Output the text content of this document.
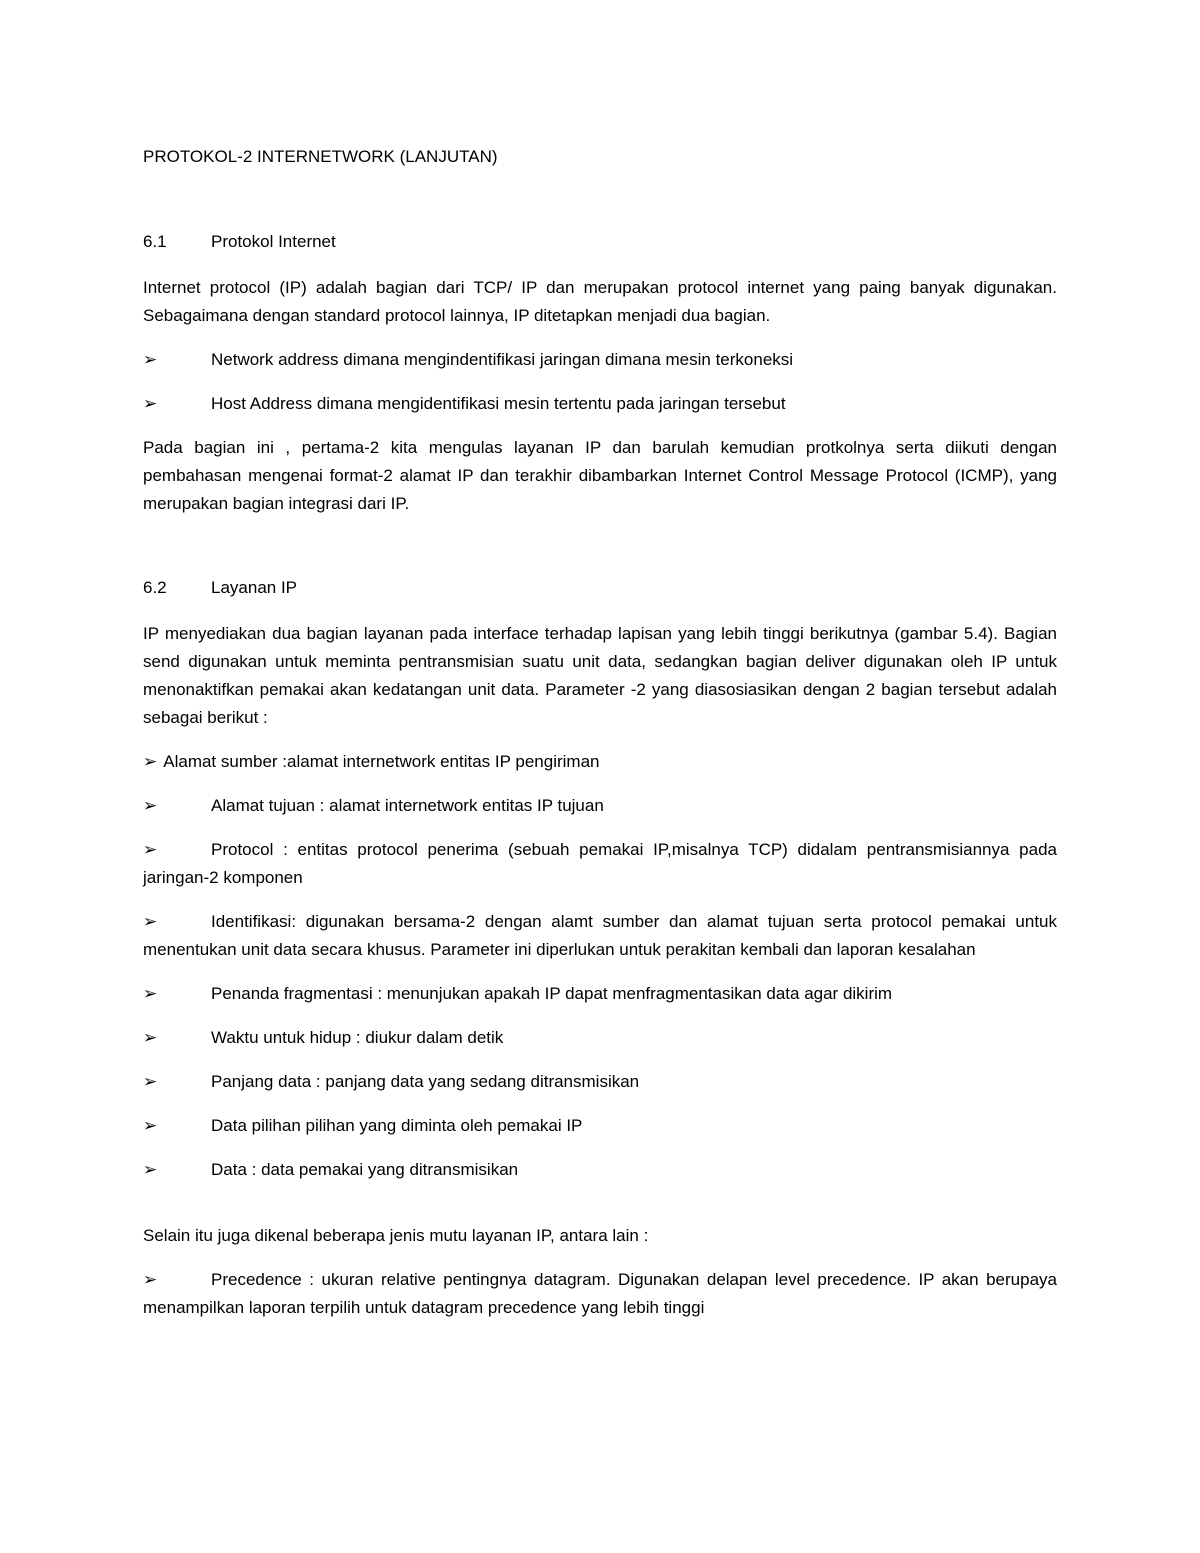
PROTOKOL-2 INTERNETWORK (LANJUTAN)
6.1	Protokol Internet

Internet protocol (IP) adalah bagian dari TCP/ IP dan merupakan protocol internet yang paing banyak digunakan. Sebagaimana dengan standard protocol lainnya, IP ditetapkan menjadi dua bagian.

➢	Network address dimana mengindentifikasi jaringan dimana mesin terkoneksi
➢	Host Address dimana mengidentifikasi mesin tertentu pada jaringan tersebut

Pada bagian ini , pertama-2 kita mengulas layanan IP dan barulah kemudian protkolnya serta diikuti dengan pembahasan mengenai format-2 alamat IP dan terakhir dibambarkan Internet Control Message Protocol (ICMP), yang merupakan bagian integrasi dari IP.

6.2	Layanan IP

IP menyediakan dua bagian layanan pada interface terhadap lapisan yang lebih tinggi berikutnya (gambar 5.4). Bagian send digunakan untuk meminta pentransmisian suatu unit data, sedangkan bagian deliver digunakan oleh IP untuk menonaktifkan pemakai akan kedatangan unit data. Parameter -2 yang diasosiasikan dengan 2 bagian tersebut adalah sebagai berikut :

➢ Alamat sumber :alamat internetwork entitas IP pengiriman
➢	Alamat tujuan : alamat internetwork entitas IP tujuan
➢	Protocol : entitas protocol penerima (sebuah pemakai IP,misalnya TCP) didalam pentransmisiannya pada jaringan-2 komponen
➢	Identifikasi: digunakan bersama-2 dengan alamt sumber dan alamat tujuan serta protocol pemakai untuk menentukan unit data secara khusus. Parameter ini diperlukan untuk perakitan kembali dan laporan kesalahan
➢	Penanda fragmentasi : menunjukan apakah IP dapat menfragmentasikan data agar dikirim
➢	Waktu untuk hidup : diukur dalam detik
➢	Panjang data : panjang data yang sedang ditransmisikan
➢	Data pilihan pilihan yang diminta oleh pemakai IP
➢	Data : data pemakai yang ditransmisikan

Selain itu juga dikenal beberapa jenis mutu layanan IP, antara lain :

➢	Precedence : ukuran relative pentingnya datagram. Digunakan delapan level precedence. IP akan berupaya menampilkan laporan terpilih untuk datagram precedence yang lebih tinggi
